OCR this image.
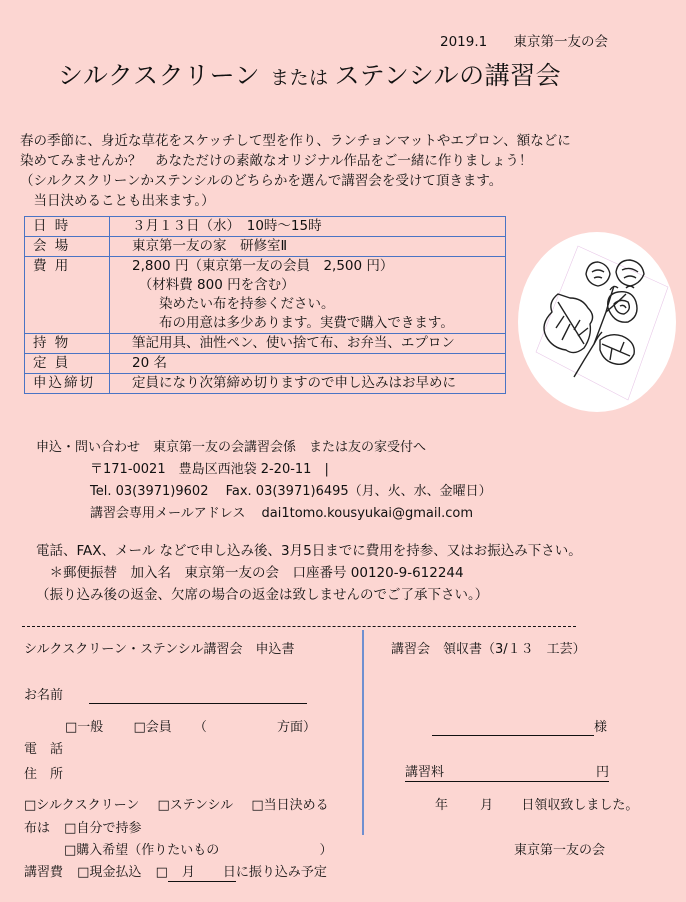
2019.1 東京第一友の会
シルクスクリーン または ステンシルの講習会
春の季節に、身近な草花をスケッチして型を作り、ランチョンマットやエプロン、額などに
染めてみませんか？　あなただけの素敵なオリジナル作品をご一緒に作りましょう！
（シルクスクリーンかステンシルのどちらかを選んで講習会を受けて頂きます。
　当日決めることも出来ます。）
日 時	３月１３日（水）　10時～15時

会 場	東京第一友の家　研修室Ⅱ

費 用	2,800 円（東京第一友の会員　2,500 円）
　（材料費 800 円を含む）
　　染めたい布を持参ください。
　　布の用意は多少あります。実費で購入できます。

持 物	筆記用具、油性ペン、使い捨て布、お弁当、エプロン

定 員	20 名

申込締切	定員になり次第締め切りますので申し込みはお早めに
申込・問い合わせ　東京第一友の会講習会係　または友の家受付へ
〒171-0021　豊島区西池袋 2-20-11　|
Tel. 03(3971)9602　 Fax. 03(3971)6495（月、火、水、金曜日）
講習会専用メールアドレス dai1tomo.kousyukai@gmail.com
電話、FAX、メール などで申し込み後、3月5日までに費用を持参、又はお振込み下さい。
　＊郵便振替　加入名　東京第一友の会　口座番号 00120-9-612244
（振り込み後の返金、欠席の場合の返金は致しませんのでご了承下さい。）
シルクスクリーン・ステンシル講習会　申込書
お名前
□一般 □会員 （	方面）
電　話
住　所
□シルクスクリーン □ステンシル □当日決める
布は □自分で持参
□購入希望（作りたいもの	）
講習費 □現金払込 □ 月 日に振り込み予定
講習会　領収書（3/１３　工芸）
様
講習料	円
年 月 日領収致しました。
東京第一友の会
